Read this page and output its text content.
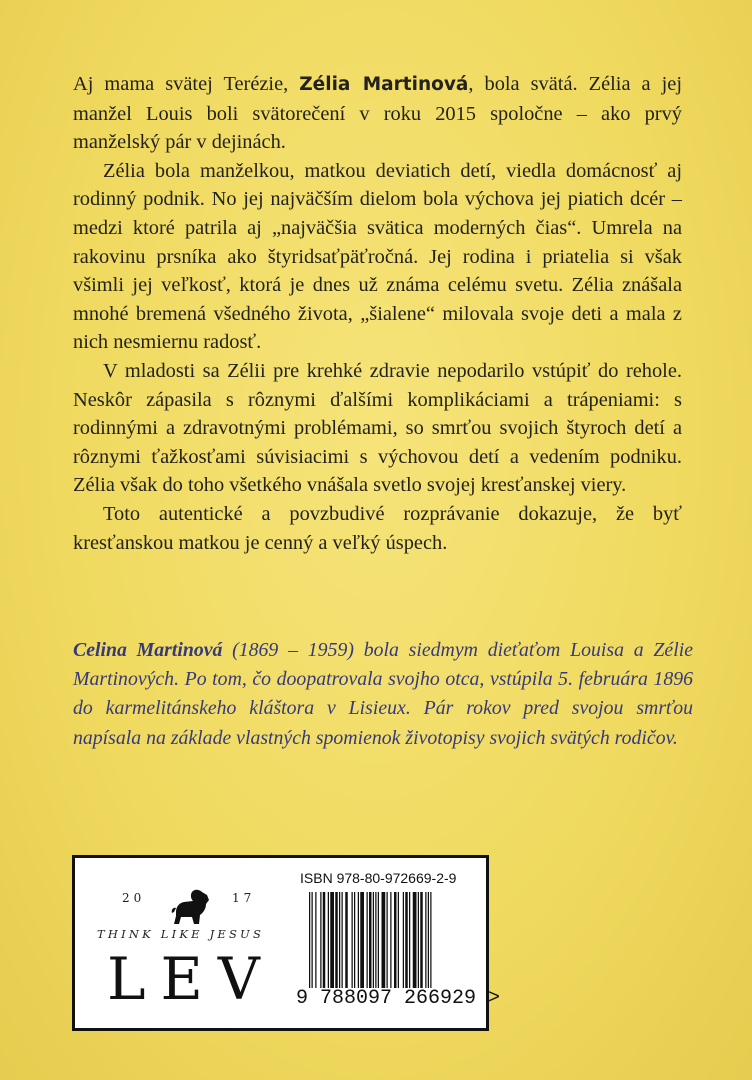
Aj mama svätej Terézie, Zélia Martinová, bola svätá. Zélia a jej manžel Louis boli svätorečení v roku 2015 spoločne – ako prvý manželský pár v dejinách.

Zélia bola manželkou, matkou deviatich detí, viedla domácnosť aj rodinný podnik. No jej najväčším dielom bola výchova jej piatich dcér – medzi ktoré patrila aj „najväčšia svätica moderných čias“. Umrela na rakovinu prsníka ako štyridsaťpäťročná. Jej rodina i priatelia si však všimli jej veľkosť, ktorá je dnes už známa celému svetu. Zélia znášala mnohé bremená všedného života, „šialene“ milovala svoje deti a mala z nich nesmiernu radosť.

V mladosti sa Zélii pre krehké zdravie nepodarilo vstúpiť do rehole. Neskôr zápasila s rôznymi ďalšími komplikáciami a trápeniami: s rodinnými a zdravotnými problémami, so smrťou svojich štyroch detí a rôznymi ťažkosťami súvisiacimi s výchovou detí a vedením podniku. Zélia však do toho všetkého vnášala svetlo svojej kresťanskej viery.

Toto autentické a povzbudivé rozprávanie dokazuje, že byť kresťanskou matkou je cenný a veľký úspech.

Celina Martinová (1869 – 1959) bola siedmym dieťaťom Louisa a Zélie Martinových. Po tom, čo doopatrovala svojho otca, vstúpila 5. februára 1896 do karmelitánskeho kláštora v Lisieux. Pár rokov pred svojou smrťou napísala na základe vlastných spomienok životopisy svojich svätých rodičov.

20	17
THINK LIKE JESUS
LEV
ISBN 978-80-972669-2-9
9 788097 266929 >
